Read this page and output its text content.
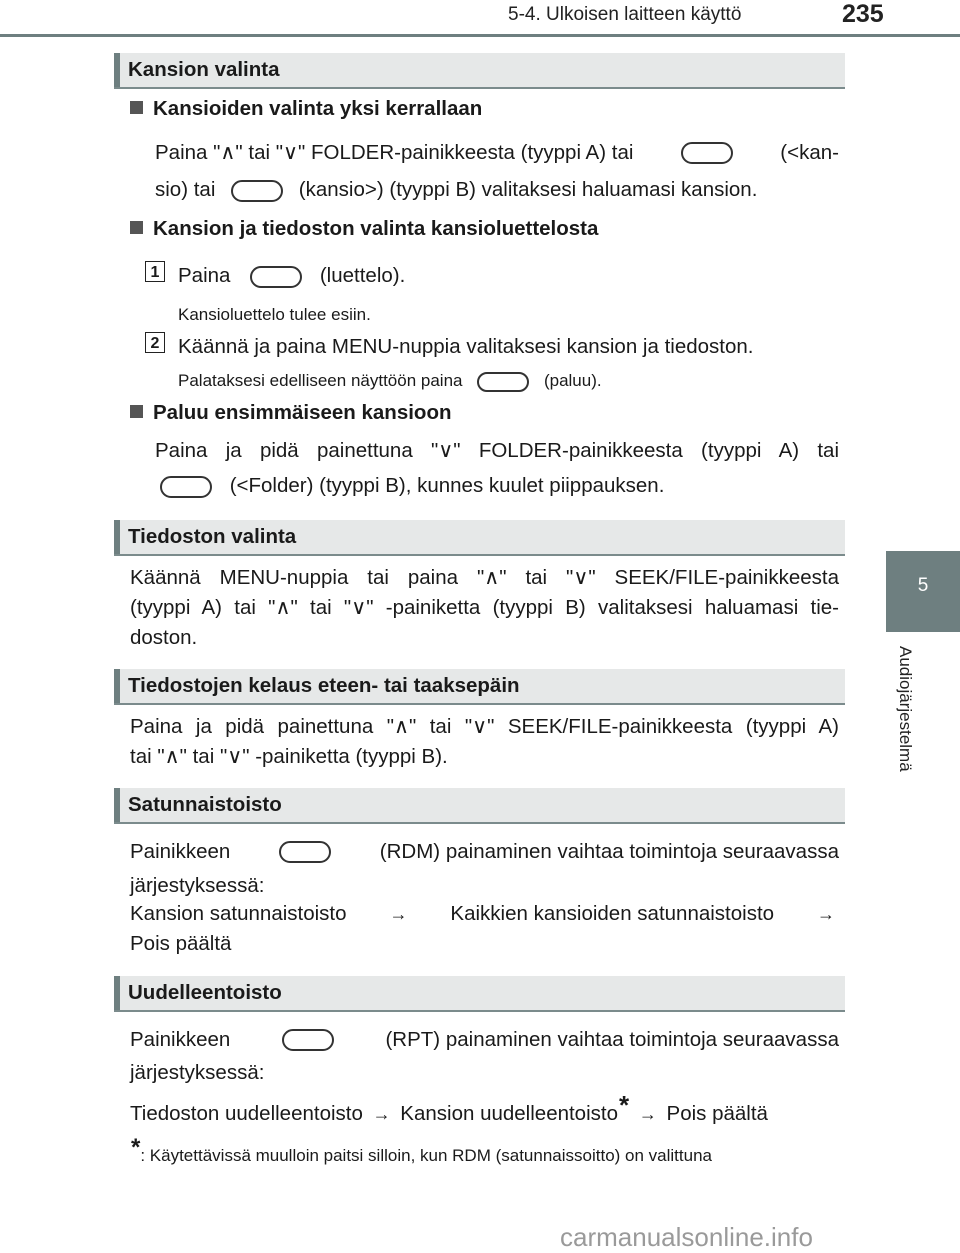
5-4. Ulkoisen laitteen käyttö	235
5
Audiojärjestelmä
Kansion valinta
Kansioiden valinta yksi kerrallaan
Paina "∧" tai "∨" FOLDER-painikkeesta (tyyppi A) tai	(<kan-
sio) tai	(kansio>) (tyyppi B) valitaksesi haluamasi kansion.
Kansion ja tiedoston valinta kansioluettelosta
1 Paina	(luettelo).
Kansioluettelo tulee esiin.
2 Käännä ja paina MENU-nuppia valitaksesi kansion ja tiedoston.
Palataksesi edelliseen näyttöön paina	(paluu).
Paluu ensimmäiseen kansioon
Paina ja pidä painettuna "∨" FOLDER-painikkeesta (tyyppi A) tai
(<Folder) (tyyppi B), kunnes kuulet piippauksen.
Tiedoston valinta
Käännä MENU-nuppia tai paina "∧" tai "∨" SEEK/FILE-painikkeesta
(tyyppi A) tai "∧" tai "∨" -painiketta (tyyppi B) valitaksesi haluamasi tie-
doston.
Tiedostojen kelaus eteen- tai taaksepäin
Paina ja pidä painettuna "∧" tai "∨" SEEK/FILE-painikkeesta (tyyppi A)
tai "∧" tai "∨" -painiketta (tyyppi B).
Satunnaistoisto
Painikkeen	(RDM) painaminen vaihtaa toimintoja seuraavassa
järjestyksessä:
Kansion satunnaistoisto → Kaikkien kansioiden satunnaistoisto →
Pois päältä
Uudelleentoisto
Painikkeen	(RPT) painaminen vaihtaa toimintoja seuraavassa
järjestyksessä:
Tiedoston uudelleentoisto → Kansion uudelleentoisto* → Pois päältä
*: Käytettävissä muulloin paitsi silloin, kun RDM (satunnaissoitto) on valittuna
carmanualsonline.info
